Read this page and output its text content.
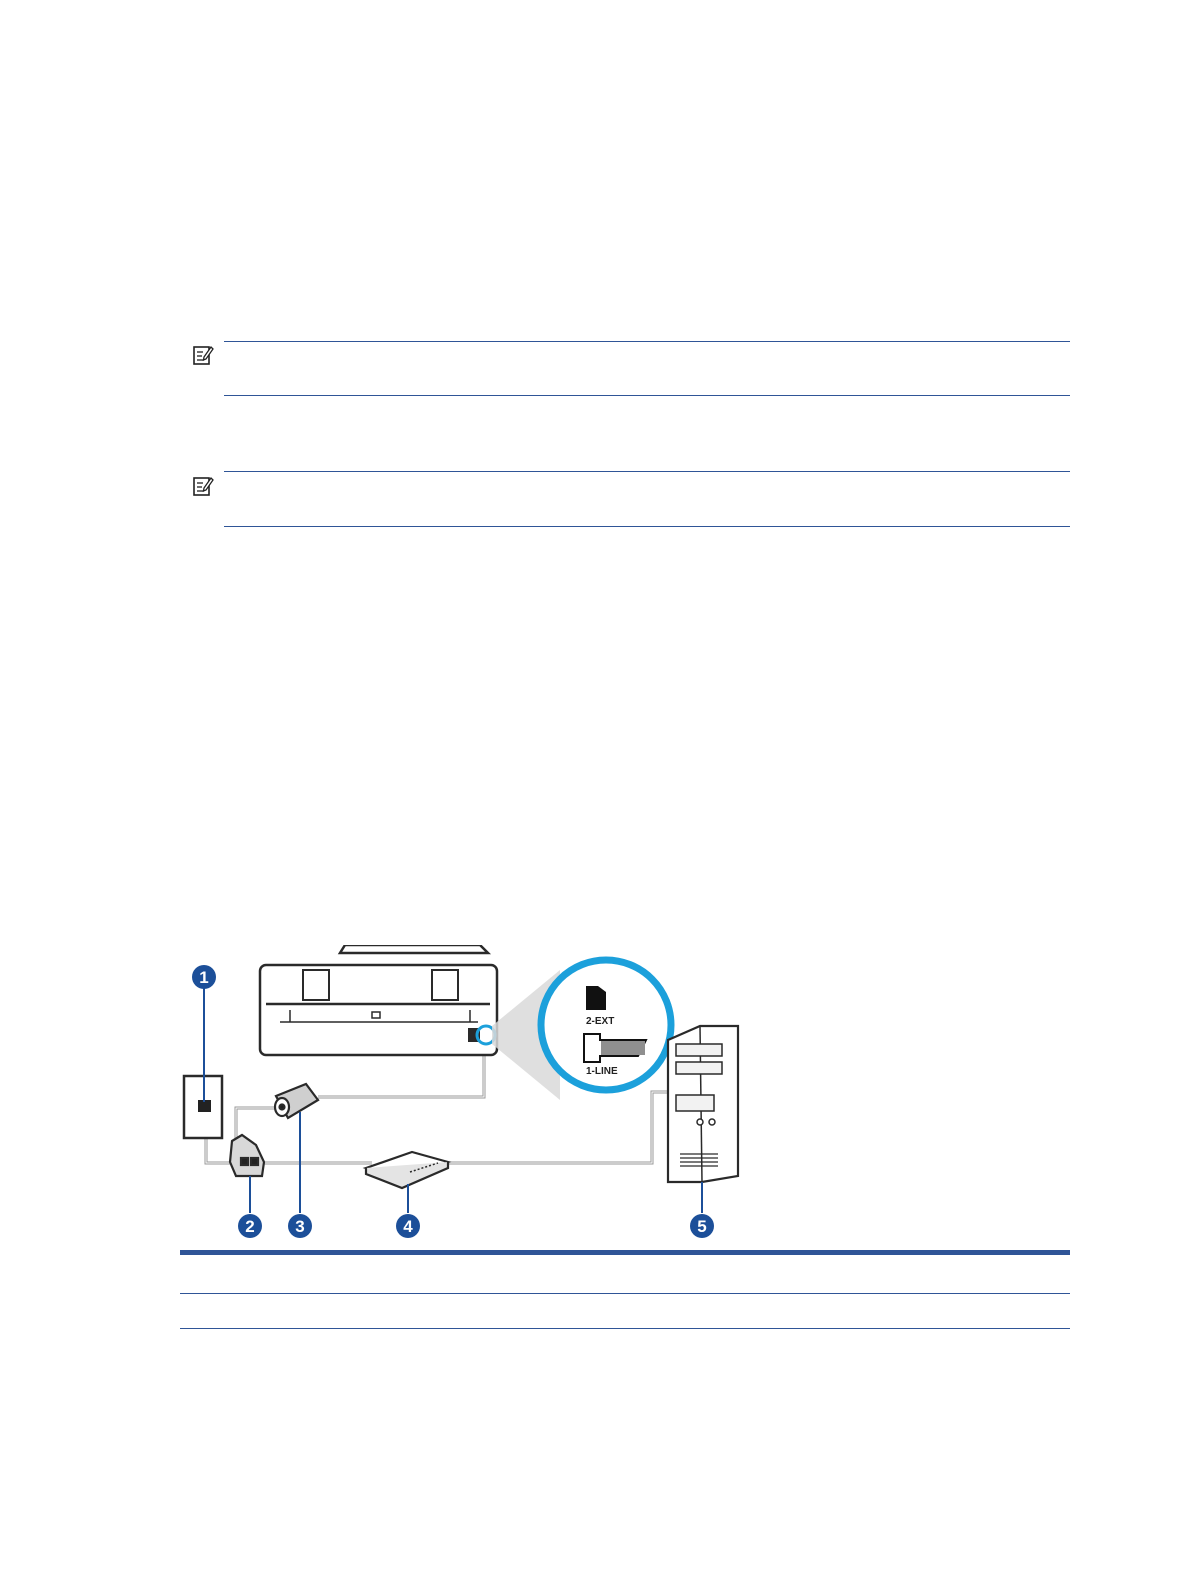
2-EXT
1-LINE
1
2 3	4	5
